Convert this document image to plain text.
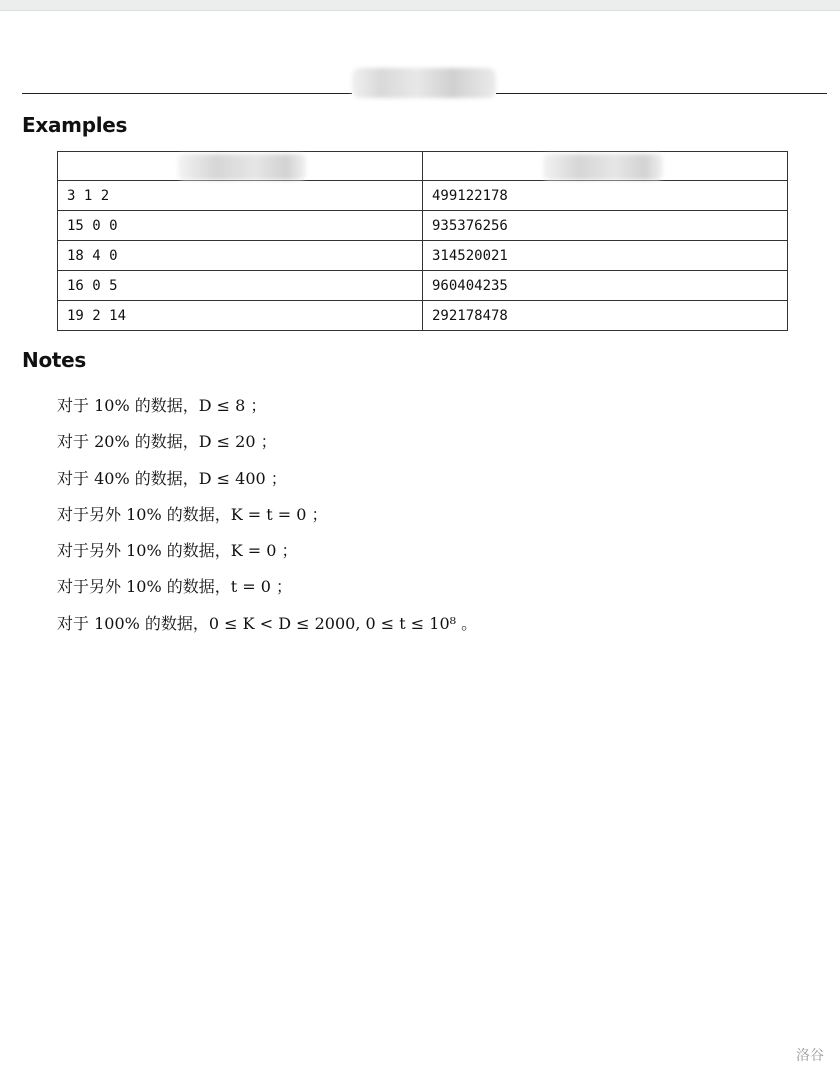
Examples

3 1 2	499122178
15 0 0	935376256
18 4 0	314520021
16 0 5	960404235
19 2 14	292178478
Notes
对于 10% 的数据，D ≤ 8 ；
对于 20% 的数据，D ≤ 20 ；
对于 40% 的数据，D ≤ 400 ；
对于另外 10% 的数据，K = t = 0 ；
对于另外 10% 的数据，K = 0 ；
对于另外 10% 的数据，t = 0 ；
对于 100% 的数据，0 ≤ K < D ≤ 2000, 0 ≤ t ≤ 10⁸ 。
洛谷
